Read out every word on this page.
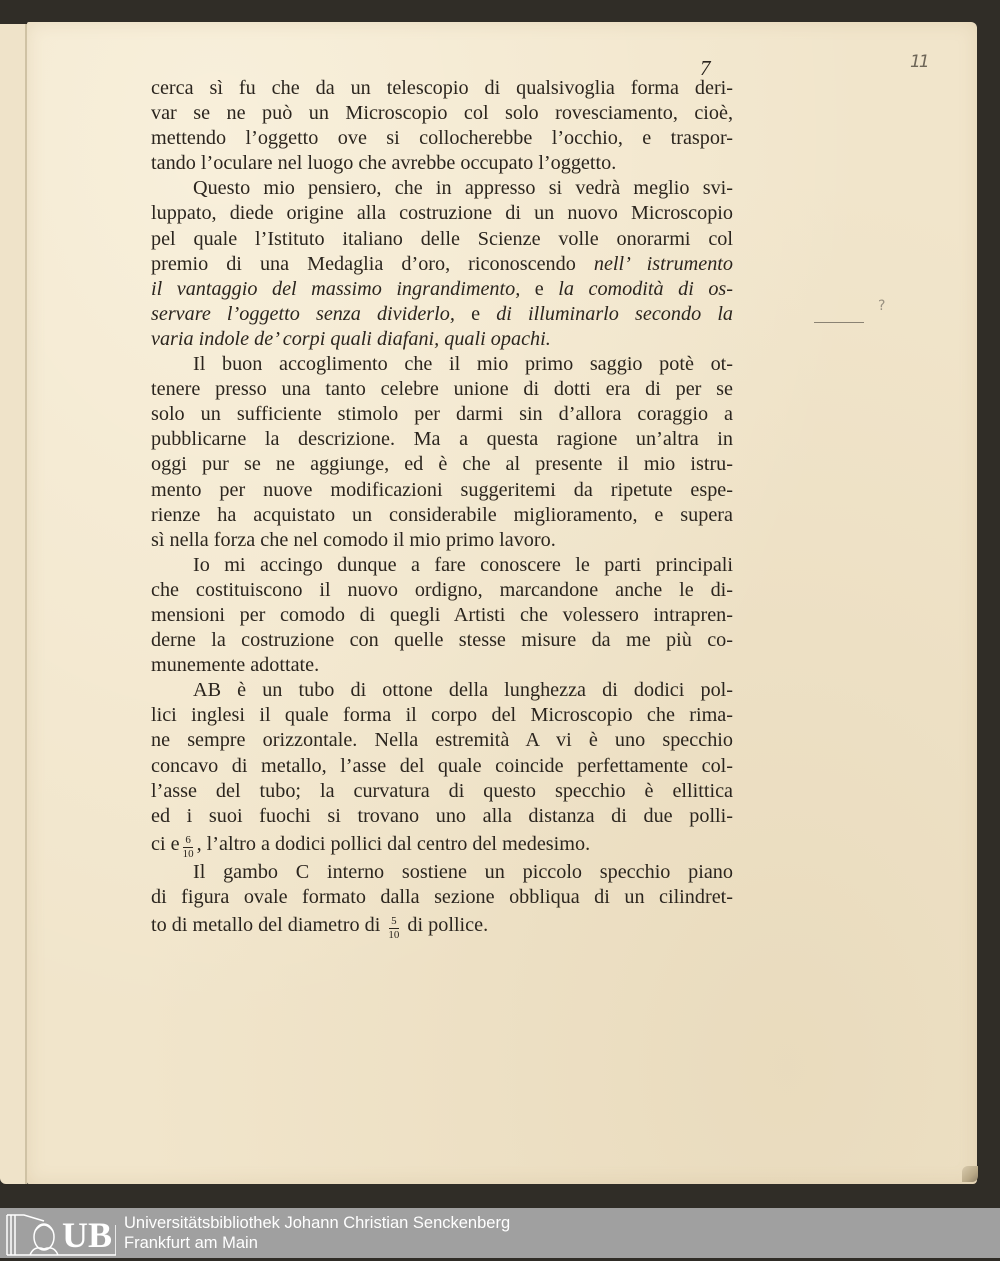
7	11
?
cerca sì fu che da un telescopio di qualsivoglia forma deri-
var se ne può un Microscopio col solo rovesciamento, cioè,
mettendo l’oggetto ove si collocherebbe l’occhio, e traspor-
tando l’oculare nel luogo che avrebbe occupato l’oggetto.
Questo mio pensiero, che in appresso si vedrà meglio svi-
luppato, diede origine alla costruzione di un nuovo Microscopio
pel quale l’Istituto italiano delle Scienze volle onorarmi col
premio di una Medaglia d’oro, riconoscendo nell’ istrumento
il vantaggio del massimo ingrandimento, e la comodità di os-
servare l’oggetto senza dividerlo, e di illuminarlo secondo la
varia indole de’ corpi quali diafani, quali opachi.
Il buon accoglimento che il mio primo saggio potè ot-
tenere presso una tanto celebre unione di dotti era di per se
solo un sufficiente stimolo per darmi sin d’allora coraggio a
pubblicarne la descrizione. Ma a questa ragione un’altra in
oggi pur se ne aggiunge, ed è che al presente il mio istru-
mento per nuove modificazioni suggeritemi da ripetute espe-
rienze ha acquistato un considerabile miglioramento, e supera
sì nella forza che nel comodo il mio primo lavoro.
Io mi accingo dunque a fare conoscere le parti principali
che costituiscono il nuovo ordigno, marcandone anche le di-
mensioni per comodo di quegli Artisti che volessero intrapren-
derne la costruzione con quelle stesse misure da me più co-
munemente adottate.
AB è un tubo di ottone della lunghezza di dodici pol-
lici inglesi il quale forma il corpo del Microscopio che rima-
ne sempre orizzontale. Nella estremità A vi è uno specchio
concavo di metallo, l’asse del quale coincide perfettamente col-
l’asse del tubo; la curvatura di questo specchio è ellittica
ed i suoi fuochi si trovano uno alla distanza di due polli-
ci e $\frac{6}{10}$ , l’altro a dodici pollici dal centro del medesimo.
Il gambo C interno sostiene un piccolo specchio piano
di figura ovale formato dalla sezione obbliqua di un cilindret-
to di metallo del diametro di $\frac{5}{10}$ di pollice.
UB Universitätsbibliothek Johann Christian Senckenberg
Frankfurt am Main
